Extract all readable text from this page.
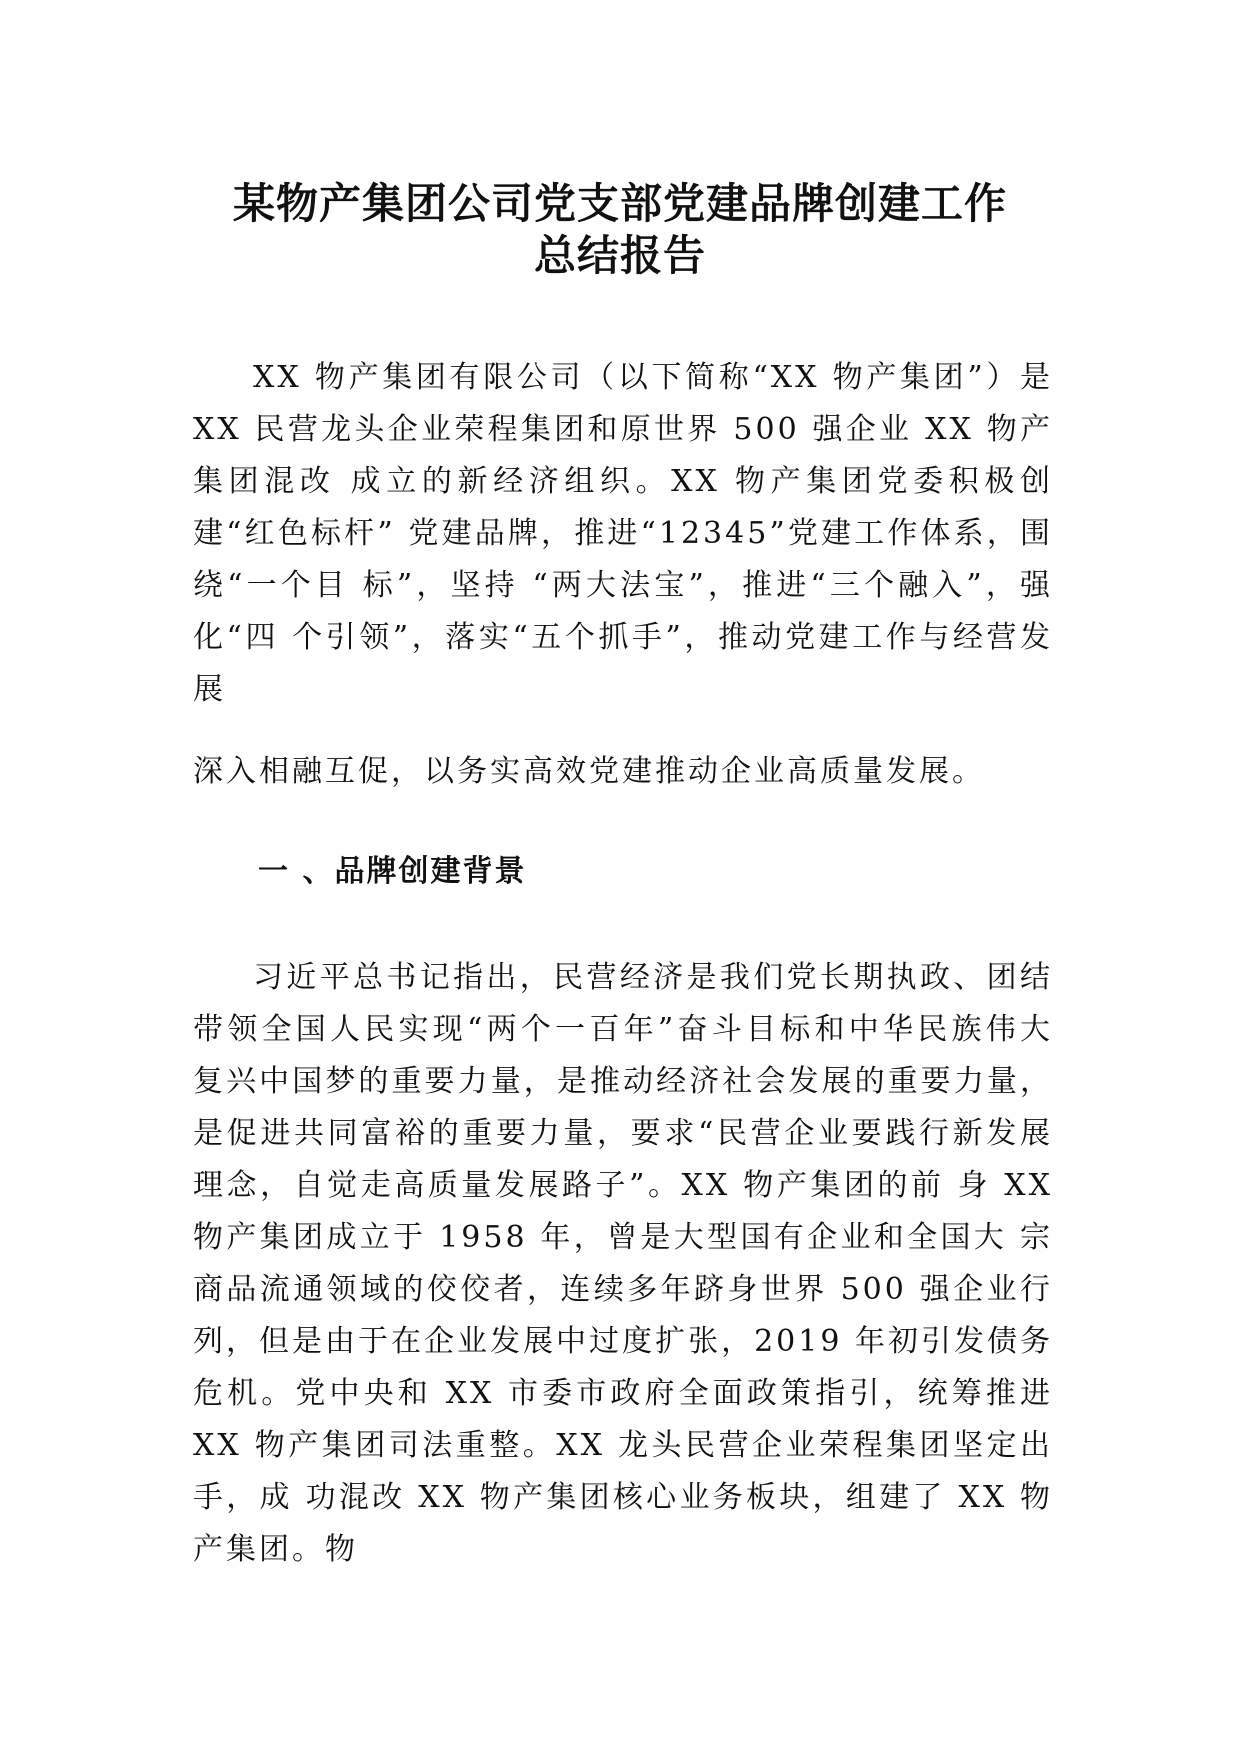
某物产集团公司党支部党建品牌创建工作
总结报告

XX 物产集团有限公司（以下简称“XX 物产集团”）是 XX 民营龙头企业荣程集团和原世界 500 强企业 XX 物产集团混改 成立的新经济组织。XX 物产集团党委积极创建“红色标杆” 党建品牌，推进“12345”党建工作体系，围绕“一个目 标”，坚持 “两大法宝”，推进“三个融入”，强化“四 个引领”，落实“五个抓手”，推动党建工作与经营发展

深入相融互促，以务实高效党建推动企业高质量发展。

一 、品牌创建背景

习近平总书记指出，民营经济是我们党长期执政、团结带领全国人民实现“两个一百年”奋斗目标和中华民族伟大复兴中国梦的重要力量，是推动经济社会发展的重要力量，是促进共同富裕的重要力量，要求“民营企业要践行新发展理念，自觉走高质量发展路子”。XX 物产集团的前 身 XX 物产集团成立于 1958 年，曾是大型国有企业和全国大 宗商品流通领域的佼佼者，连续多年跻身世界 500 强企业行 列，但是由于在企业发展中过度扩张，2019 年初引发债务 危机。党中央和 XX 市委市政府全面政策指引，统筹推进 XX 物产集团司法重整。XX 龙头民营企业荣程集团坚定出手，成 功混改 XX 物产集团核心业务板块，组建了 XX 物产集团。物
